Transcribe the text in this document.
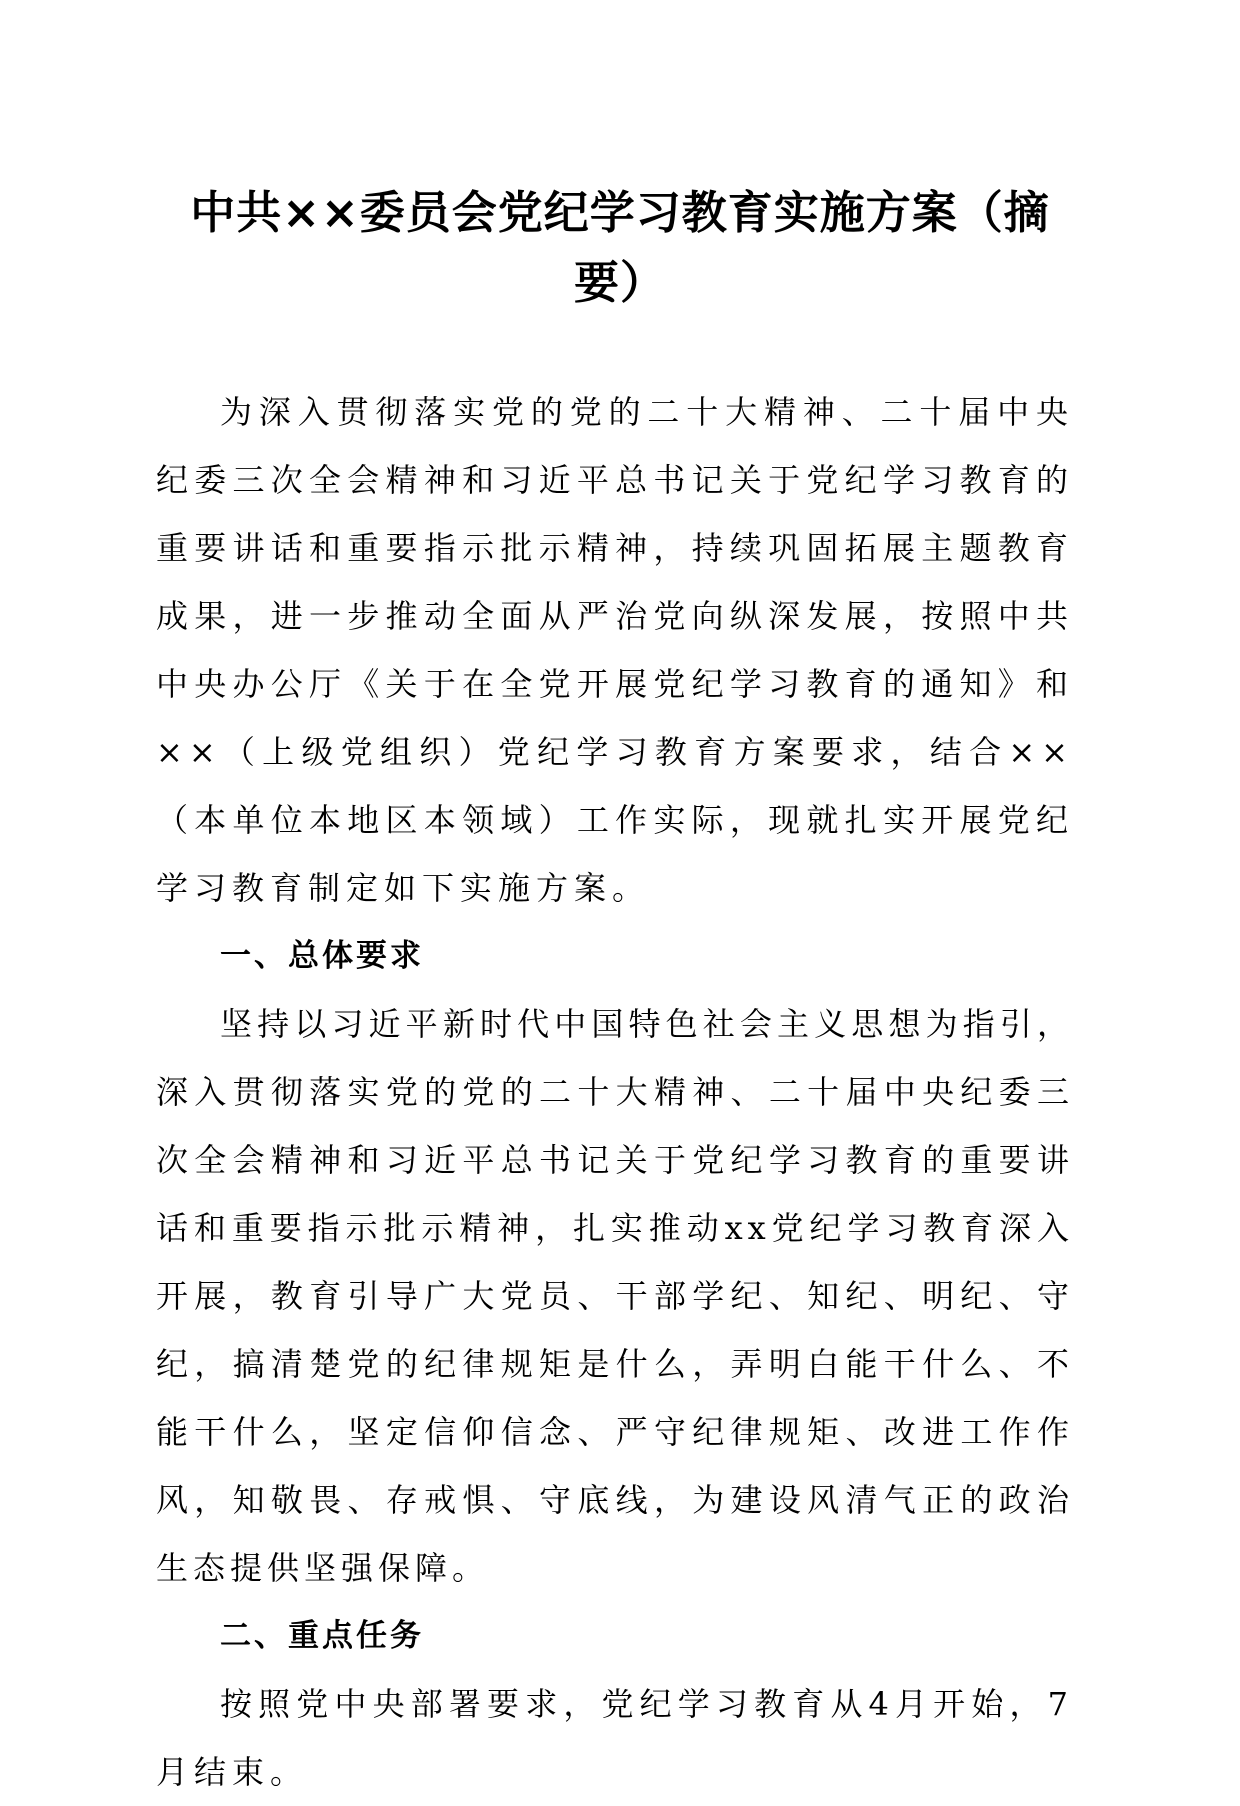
中共××委员会党纪学习教育实施方案（摘要）

为深入贯彻落实党的党的二十大精神、二十届中央纪委三次全会精神和习近平总书记关于党纪学习教育的重要讲话和重要指示批示精神，持续巩固拓展主题教育成果，进一步推动全面从严治党向纵深发展，按照中共中央办公厅《关于在全党开展党纪学习教育的通知》和××（上级党组织）党纪学习教育方案要求，结合××（本单位本地区本领域）工作实际，现就扎实开展党纪学习教育制定如下实施方案。

一、总体要求

坚持以习近平新时代中国特色社会主义思想为指引，深入贯彻落实党的党的二十大精神、二十届中央纪委三次全会精神和习近平总书记关于党纪学习教育的重要讲话和重要指示批示精神，扎实推动xx党纪学习教育深入开展，教育引导广大党员、干部学纪、知纪、明纪、守纪，搞清楚党的纪律规矩是什么，弄明白能干什么、不能干什么，坚定信仰信念、严守纪律规矩、改进工作作风，知敬畏、存戒惧、守底线，为建设风清气正的政治生态提供坚强保障。

二、重点任务

按照党中央部署要求，党纪学习教育从4月开始，7月结束。
